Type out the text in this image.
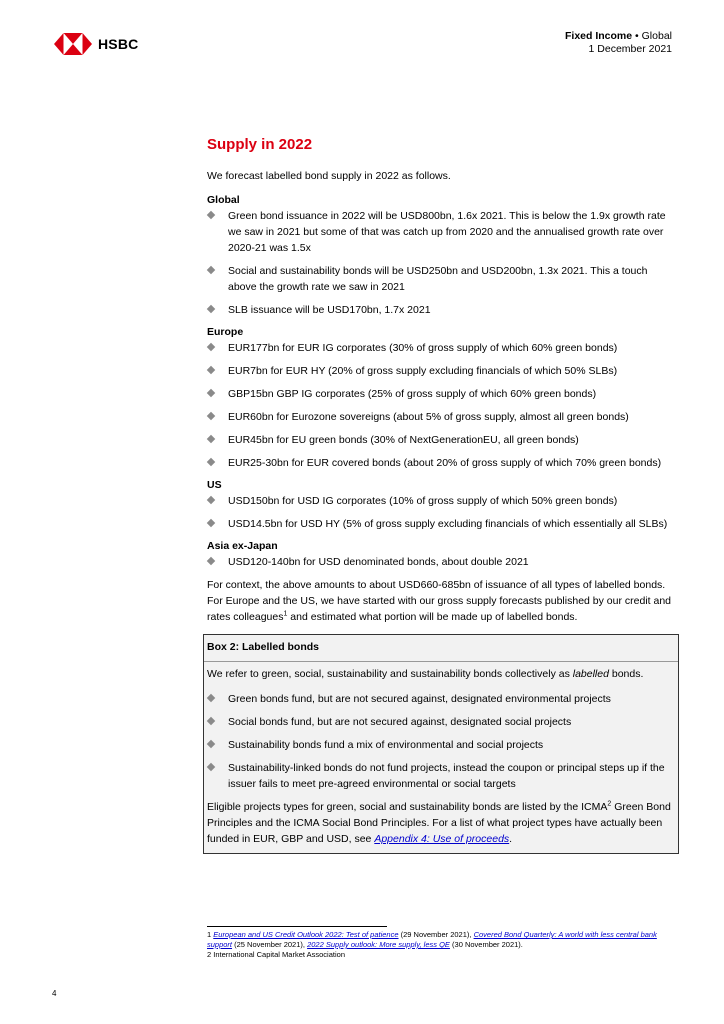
HSBC	Fixed Income • Global
1 December 2021
Supply in 2022

We forecast labelled bond supply in 2022 as follows.

Global

Green bond issuance in 2022 will be USD800bn, 1.6x 2021. This is below the 1.9x growth rate we saw in 2021 but some of that was catch up from 2020 and the annualised growth rate over 2020-21 was 1.5x
Social and sustainability bonds will be USD250bn and USD200bn, 1.3x 2021. This a touch above the growth rate we saw in 2021
SLB issuance will be USD170bn, 1.7x 2021

Europe

EUR177bn for EUR IG corporates (30% of gross supply of which 60% green bonds)
EUR7bn for EUR HY (20% of gross supply excluding financials of which 50% SLBs)
GBP15bn GBP IG corporates (25% of gross supply of which 60% green bonds)
EUR60bn for Eurozone sovereigns (about 5% of gross supply, almost all green bonds)
EUR45bn for EU green bonds (30% of NextGenerationEU, all green bonds)
EUR25-30bn for EUR covered bonds (about 20% of gross supply of which 70% green bonds)

US

USD150bn for USD IG corporates (10% of gross supply of which 50% green bonds)
USD14.5bn for USD HY (5% of gross supply excluding financials of which essentially all SLBs)

Asia ex-Japan

USD120-140bn for USD denominated bonds, about double 2021

For context, the above amounts to about USD660-685bn of issuance of all types of labelled bonds. For Europe and the US, we have started with our gross supply forecasts published by our credit and rates colleagues$^1$ and estimated what portion will be made up of labelled bonds.

Box 2: Labelled bonds

We refer to green, social, sustainability and sustainability bonds collectively as labelled bonds.

Green bonds fund, but are not secured against, designated environmental projects
Social bonds fund, but are not secured against, designated social projects
Sustainability bonds fund a mix of environmental and social projects
Sustainability-linked bonds do not fund projects, instead the coupon or principal steps up if the issuer fails to meet pre-agreed environmental or social targets

Eligible projects types for green, social and sustainability bonds are listed by the ICMA$^2$ Green Bond Principles and the ICMA Social Bond Principles. For a list of what project types have actually been funded in EUR, GBP and USD, see Appendix 4: Use of proceeds.

1 European and US Credit Outlook 2022: Test of patience (29 November 2021), Covered Bond Quarterly: A world with less central bank support (25 November 2021), 2022 Supply outlook: More supply, less QE (30 November 2021).
2 International Capital Market Association
4
